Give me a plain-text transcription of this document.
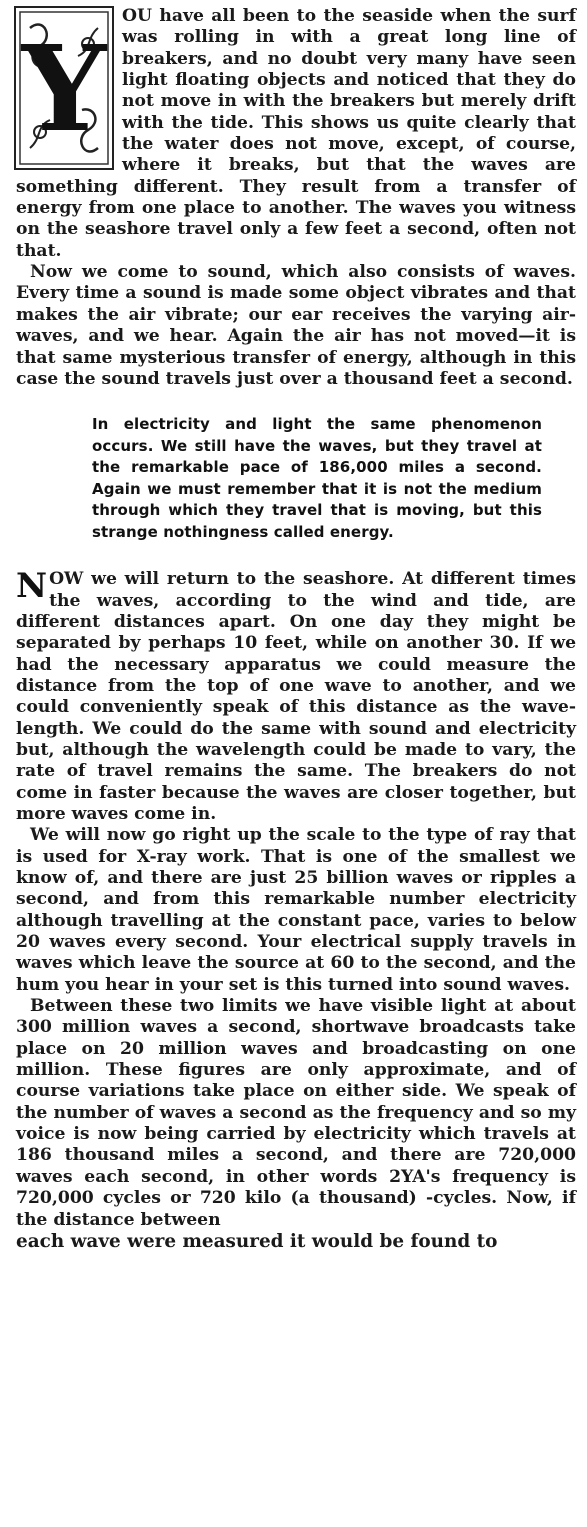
Y

OU have all been to the seaside when the surf was rolling in with a great long line of breakers, and no doubt very many have seen light floating objects and noticed that they do not move in with the breakers but merely drift with the tide. This shows us quite clearly that the water does not move, except, of course, where it breaks, but that the waves are something different. They result from a transfer of energy from one place to another. The waves you witness on the seashore travel only a few feet a second, often not that.

Now we come to sound, which also consists of waves. Every time a sound is made some object vibrates and that makes the air vibrate; our ear receives the varying air-waves, and we hear. Again the air has not moved—it is that same mysterious transfer of energy, although in this case the sound travels just over a thousand feet a second.

In electricity and light the same phenomenon occurs. We still have the waves, but they travel at the remarkable pace of 186,000 miles a second. Again we must remember that it is not the medium through which they travel that is moving, but this strange nothingness called energy.
N OW we will return to the seashore. At different times the waves, according to the wind and tide, are different distances apart. On one day they might be separated by perhaps 10 feet, while on another 30. If we had the necessary apparatus we could measure the distance from the top of one wave to another, and we could conveniently speak of this distance as the wave-length. We could do the same with sound and electricity but, although the wavelength could be made to vary, the rate of travel remains the same. The breakers do not come in faster because the waves are closer together, but more waves come in.

We will now go right up the scale to the type of ray that is used for X-ray work. That is one of the smallest we know of, and there are just 25 billion waves or ripples a second, and from this remarkable number electricity although travelling at the constant pace, varies to below 20 waves every second. Your electrical supply travels in waves which leave the source at 60 to the second, and the hum you hear in your set is this turned into sound waves.

Between these two limits we have visible light at about 300 million waves a second, shortwave broadcasts take place on 20 million waves and broadcasting on one million. These figures are only approximate, and of course variations take place on either side. We speak of the number of waves a second as the frequency and so my voice is now being carried by electricity which travels at 186 thousand miles a second, and there are 720,000 waves each second, in other words 2YA's frequency is 720,000 cycles or 720 kilo (a thousand) -cycles. Now, if the distance between

each wave were measured it would be found to
